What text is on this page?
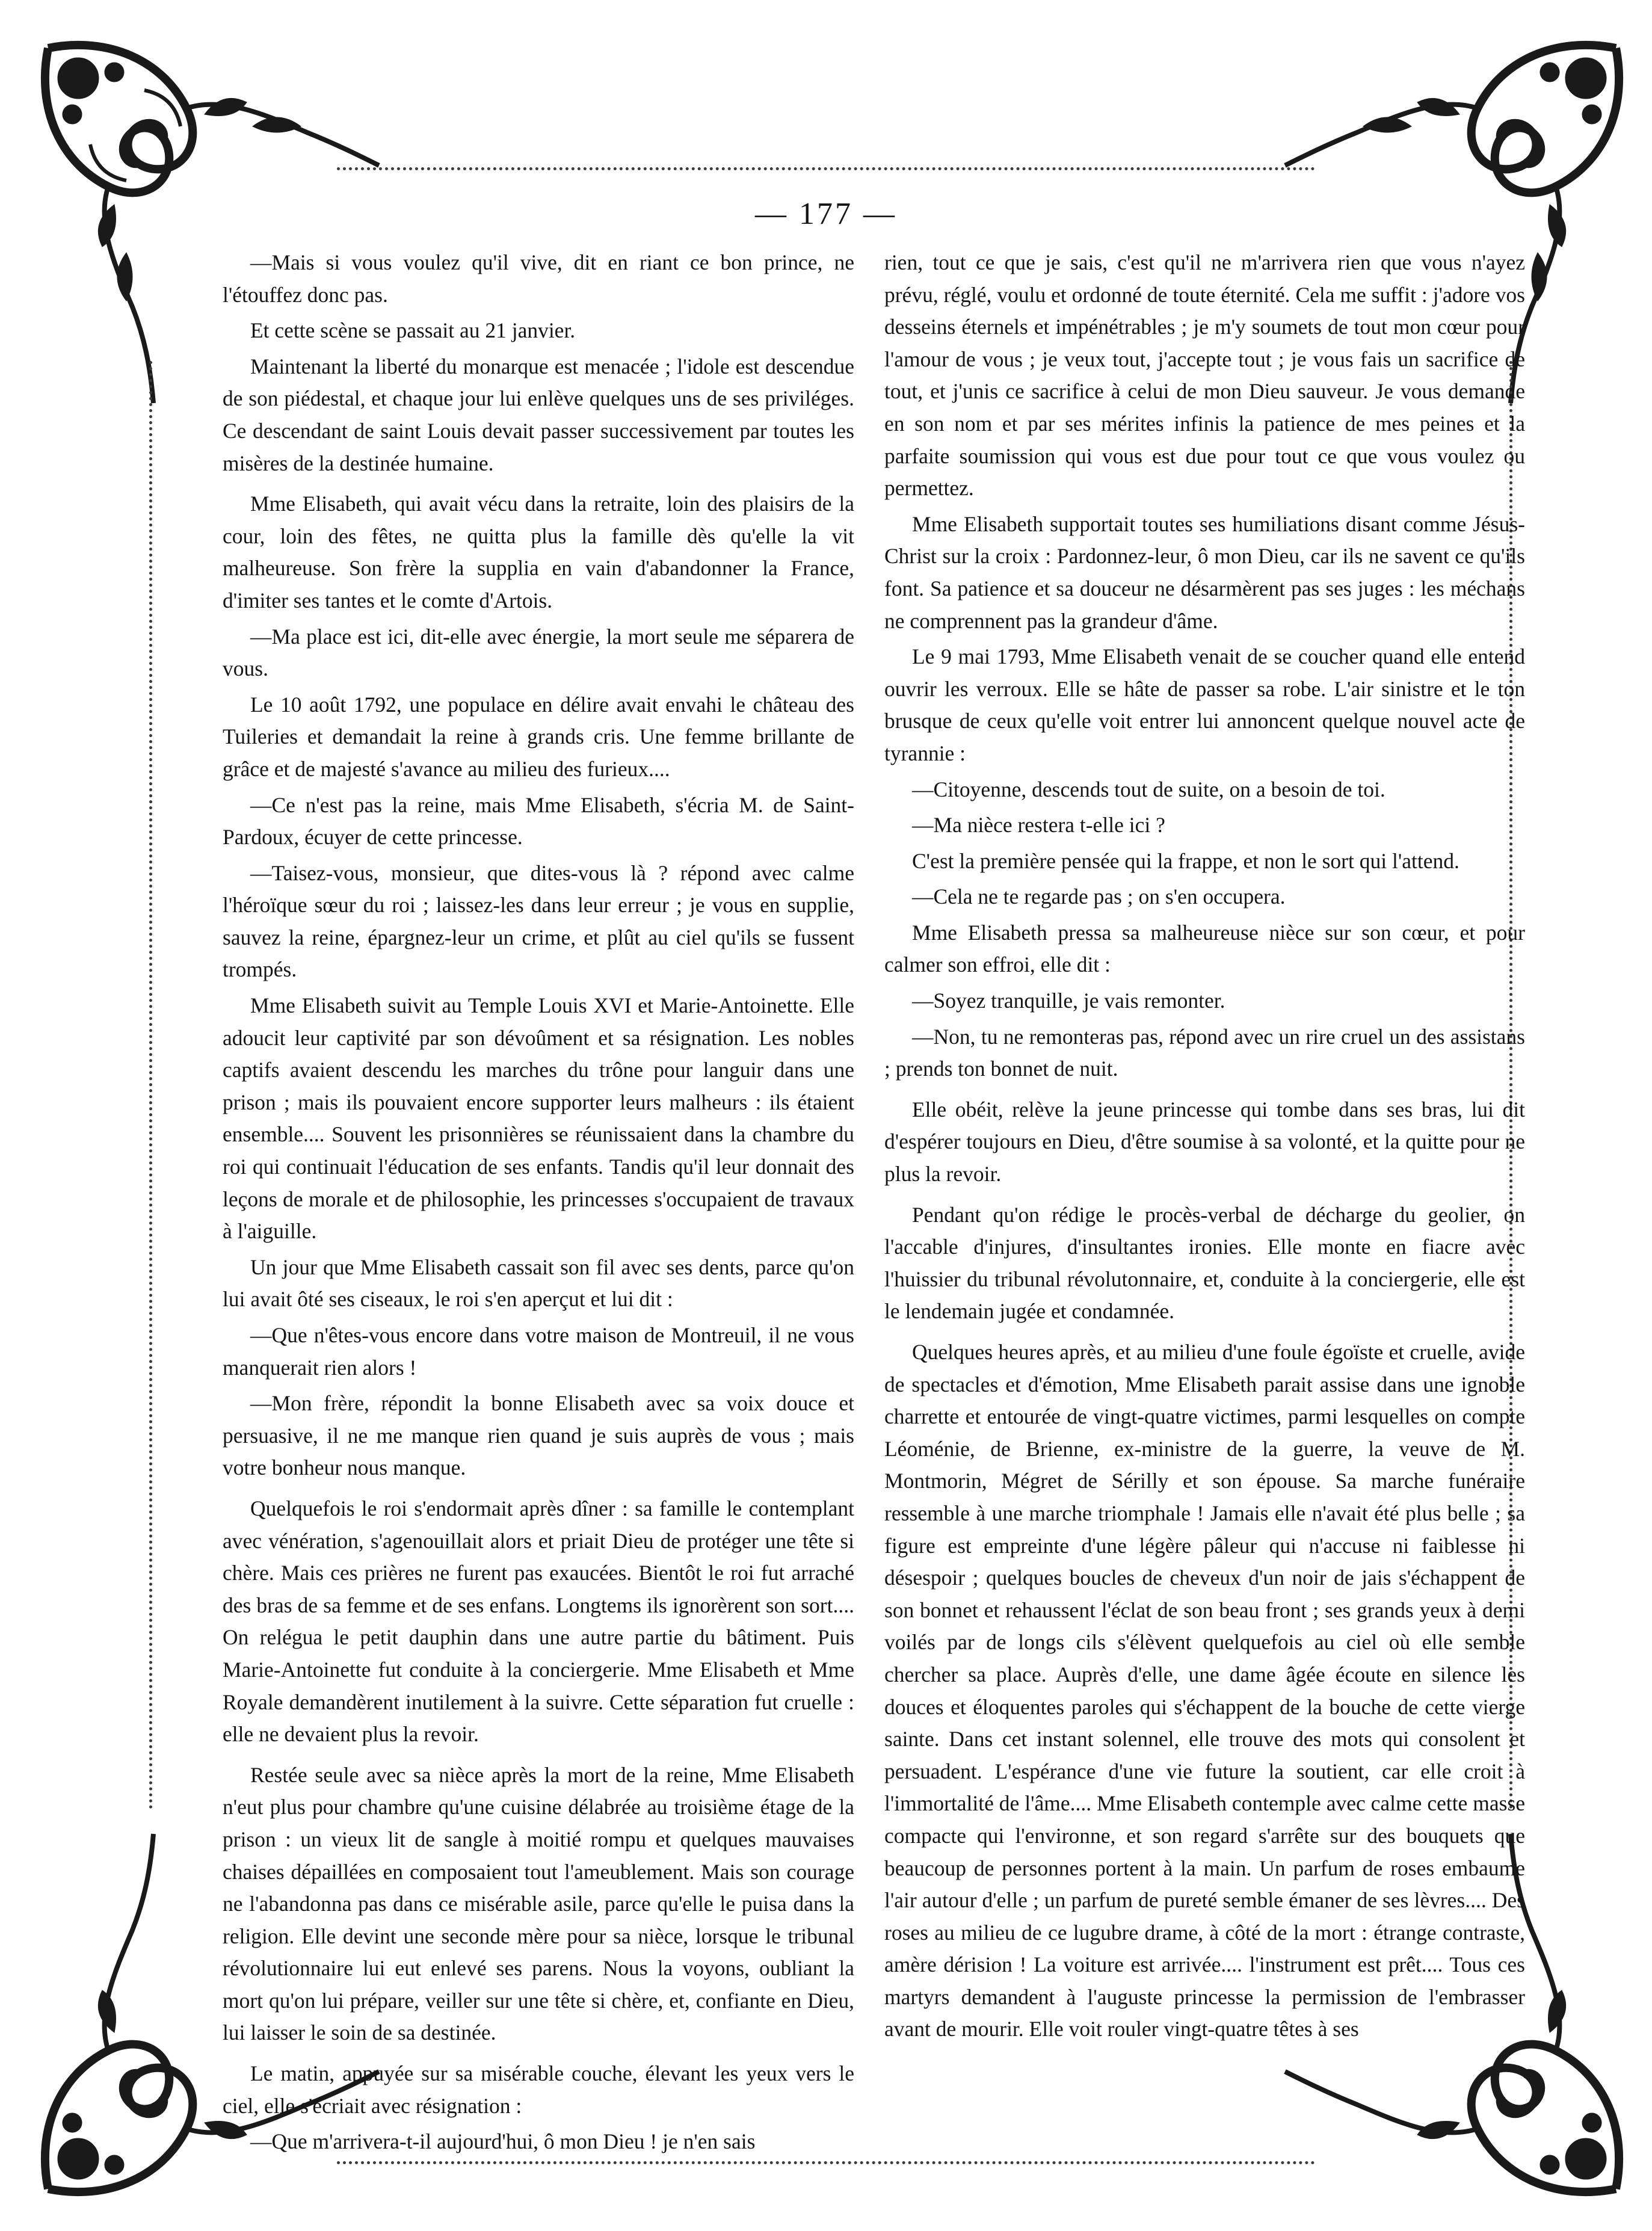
— 177 —

—Mais si vous voulez qu'il vive, dit en riant ce bon prince, ne l'étouffez donc pas.

Et cette scène se passait au 21 janvier.

Maintenant la liberté du monarque est menacée ; l'idole est descendue de son piédestal, et chaque jour lui enlève quelques uns de ses priviléges. Ce descendant de saint Louis devait passer successivement par toutes les misères de la destinée humaine.

Mme Elisabeth, qui avait vécu dans la retraite, loin des plaisirs de la cour, loin des fêtes, ne quitta plus la famille dès qu'elle la vit malheureuse. Son frère la supplia en vain d'abandonner la France, d'imiter ses tantes et le comte d'Artois.

—Ma place est ici, dit-elle avec énergie, la mort seule me séparera de vous.

Le 10 août 1792, une populace en délire avait envahi le château des Tuileries et demandait la reine à grands cris. Une femme brillante de grâce et de majesté s'avance au milieu des furieux....

—Ce n'est pas la reine, mais Mme Elisabeth, s'écria M. de Saint-Pardoux, écuyer de cette princesse.

—Taisez-vous, monsieur, que dites-vous là ? répond avec calme l'héroïque sœur du roi ; laissez-les dans leur erreur ; je vous en supplie, sauvez la reine, épargnez-leur un crime, et plût au ciel qu'ils se fussent trompés.

Mme Elisabeth suivit au Temple Louis XVI et Marie-Antoinette. Elle adoucit leur captivité par son dévoûment et sa résignation. Les nobles captifs avaient descendu les marches du trône pour languir dans une prison ; mais ils pouvaient encore supporter leurs malheurs : ils étaient ensemble.... Souvent les prisonnières se réunissaient dans la chambre du roi qui continuait l'éducation de ses enfants. Tandis qu'il leur donnait des leçons de morale et de philosophie, les princesses s'occupaient de travaux à l'aiguille.

Un jour que Mme Elisabeth cassait son fil avec ses dents, parce qu'on lui avait ôté ses ciseaux, le roi s'en aperçut et lui dit :

—Que n'êtes-vous encore dans votre maison de Montreuil, il ne vous manquerait rien alors !

—Mon frère, répondit la bonne Elisabeth avec sa voix douce et persuasive, il ne me manque rien quand je suis auprès de vous ; mais votre bonheur nous manque.

Quelquefois le roi s'endormait après dîner : sa famille le contemplant avec vénération, s'agenouillait alors et priait Dieu de protéger une tête si chère. Mais ces prières ne furent pas exaucées. Bientôt le roi fut arraché des bras de sa femme et de ses enfans. Longtems ils ignorèrent son sort.... On relégua le petit dauphin dans une autre partie du bâtiment. Puis Marie-Antoinette fut conduite à la conciergerie. Mme Elisabeth et Mme Royale demandèrent inutilement à la suivre. Cette séparation fut cruelle : elle ne devaient plus la revoir.

Restée seule avec sa nièce après la mort de la reine, Mme Elisabeth n'eut plus pour chambre qu'une cuisine délabrée au troisième étage de la prison : un vieux lit de sangle à moitié rompu et quelques mauvaises chaises dépaillées en composaient tout l'ameublement. Mais son courage ne l'abandonna pas dans ce misérable asile, parce qu'elle le puisa dans la religion. Elle devint une seconde mère pour sa nièce, lorsque le tribunal révolutionnaire lui eut enlevé ses parens. Nous la voyons, oubliant la mort qu'on lui prépare, veiller sur une tête si chère, et, confiante en Dieu, lui laisser le soin de sa destinée.

Le matin, appuyée sur sa misérable couche, élevant les yeux vers le ciel, elle s'écriait avec résignation :

—Que m'arrivera-t-il aujourd'hui, ô mon Dieu ! je n'en sais

rien, tout ce que je sais, c'est qu'il ne m'arrivera rien que vous n'ayez prévu, réglé, voulu et ordonné de toute éternité. Cela me suffit : j'adore vos desseins éternels et impénétrables ; je m'y soumets de tout mon cœur pour l'amour de vous ; je veux tout, j'accepte tout ; je vous fais un sacrifice de tout, et j'unis ce sacrifice à celui de mon Dieu sauveur. Je vous demande en son nom et par ses mérites infinis la patience de mes peines et la parfaite soumission qui vous est due pour tout ce que vous voulez ou permettez.

Mme Elisabeth supportait toutes ses humiliations disant comme Jésus-Christ sur la croix : Pardonnez-leur, ô mon Dieu, car ils ne savent ce qu'ils font. Sa patience et sa douceur ne désarmèrent pas ses juges : les méchans ne comprennent pas la grandeur d'âme.

Le 9 mai 1793, Mme Elisabeth venait de se coucher quand elle entend ouvrir les verroux. Elle se hâte de passer sa robe. L'air sinistre et le ton brusque de ceux qu'elle voit entrer lui annoncent quelque nouvel acte de tyrannie :

—Citoyenne, descends tout de suite, on a besoin de toi.

—Ma nièce restera t-elle ici ?

C'est la première pensée qui la frappe, et non le sort qui l'attend.

—Cela ne te regarde pas ; on s'en occupera.

Mme Elisabeth pressa sa malheureuse nièce sur son cœur, et pour calmer son effroi, elle dit :

—Soyez tranquille, je vais remonter.

—Non, tu ne remonteras pas, répond avec un rire cruel un des assistans ; prends ton bonnet de nuit.

Elle obéit, relève la jeune princesse qui tombe dans ses bras, lui dit d'espérer toujours en Dieu, d'être soumise à sa volonté, et la quitte pour ne plus la revoir.

Pendant qu'on rédige le procès-verbal de décharge du geolier, on l'accable d'injures, d'insultantes ironies. Elle monte en fiacre avec l'huissier du tribunal révolutonnaire, et, conduite à la conciergerie, elle est le lendemain jugée et condamnée.

Quelques heures après, et au milieu d'une foule égoïste et cruelle, avide de spectacles et d'émotion, Mme Elisabeth parait assise dans une ignoble charrette et entourée de vingt-quatre victimes, parmi lesquelles on compte Léoménie, de Brienne, ex-ministre de la guerre, la veuve de M. Montmorin, Mégret de Sérilly et son épouse. Sa marche funéraire ressemble à une marche triomphale ! Jamais elle n'avait été plus belle ; sa figure est empreinte d'une légère pâleur qui n'accuse ni faiblesse ni désespoir ; quelques boucles de cheveux d'un noir de jais s'échappent de son bonnet et rehaussent l'éclat de son beau front ; ses grands yeux à demi voilés par de longs cils s'élèvent quelquefois au ciel où elle semble chercher sa place. Auprès d'elle, une dame âgée écoute en silence les douces et éloquentes paroles qui s'échappent de la bouche de cette vierge sainte. Dans cet instant solennel, elle trouve des mots qui consolent et persuadent. L'espérance d'une vie future la soutient, car elle croit à l'immortalité de l'âme.... Mme Elisabeth contemple avec calme cette masse compacte qui l'environne, et son regard s'arrête sur des bouquets que beaucoup de personnes portent à la main. Un parfum de roses embaume l'air autour d'elle ; un parfum de pureté semble émaner de ses lèvres.... Des roses au milieu de ce lugubre drame, à côté de la mort : étrange contraste, amère dérision ! La voiture est arrivée.... l'instrument est prêt.... Tous ces martyrs demandent à l'auguste princesse la permission de l'embrasser avant de mourir. Elle voit rouler vingt-quatre têtes à ses
